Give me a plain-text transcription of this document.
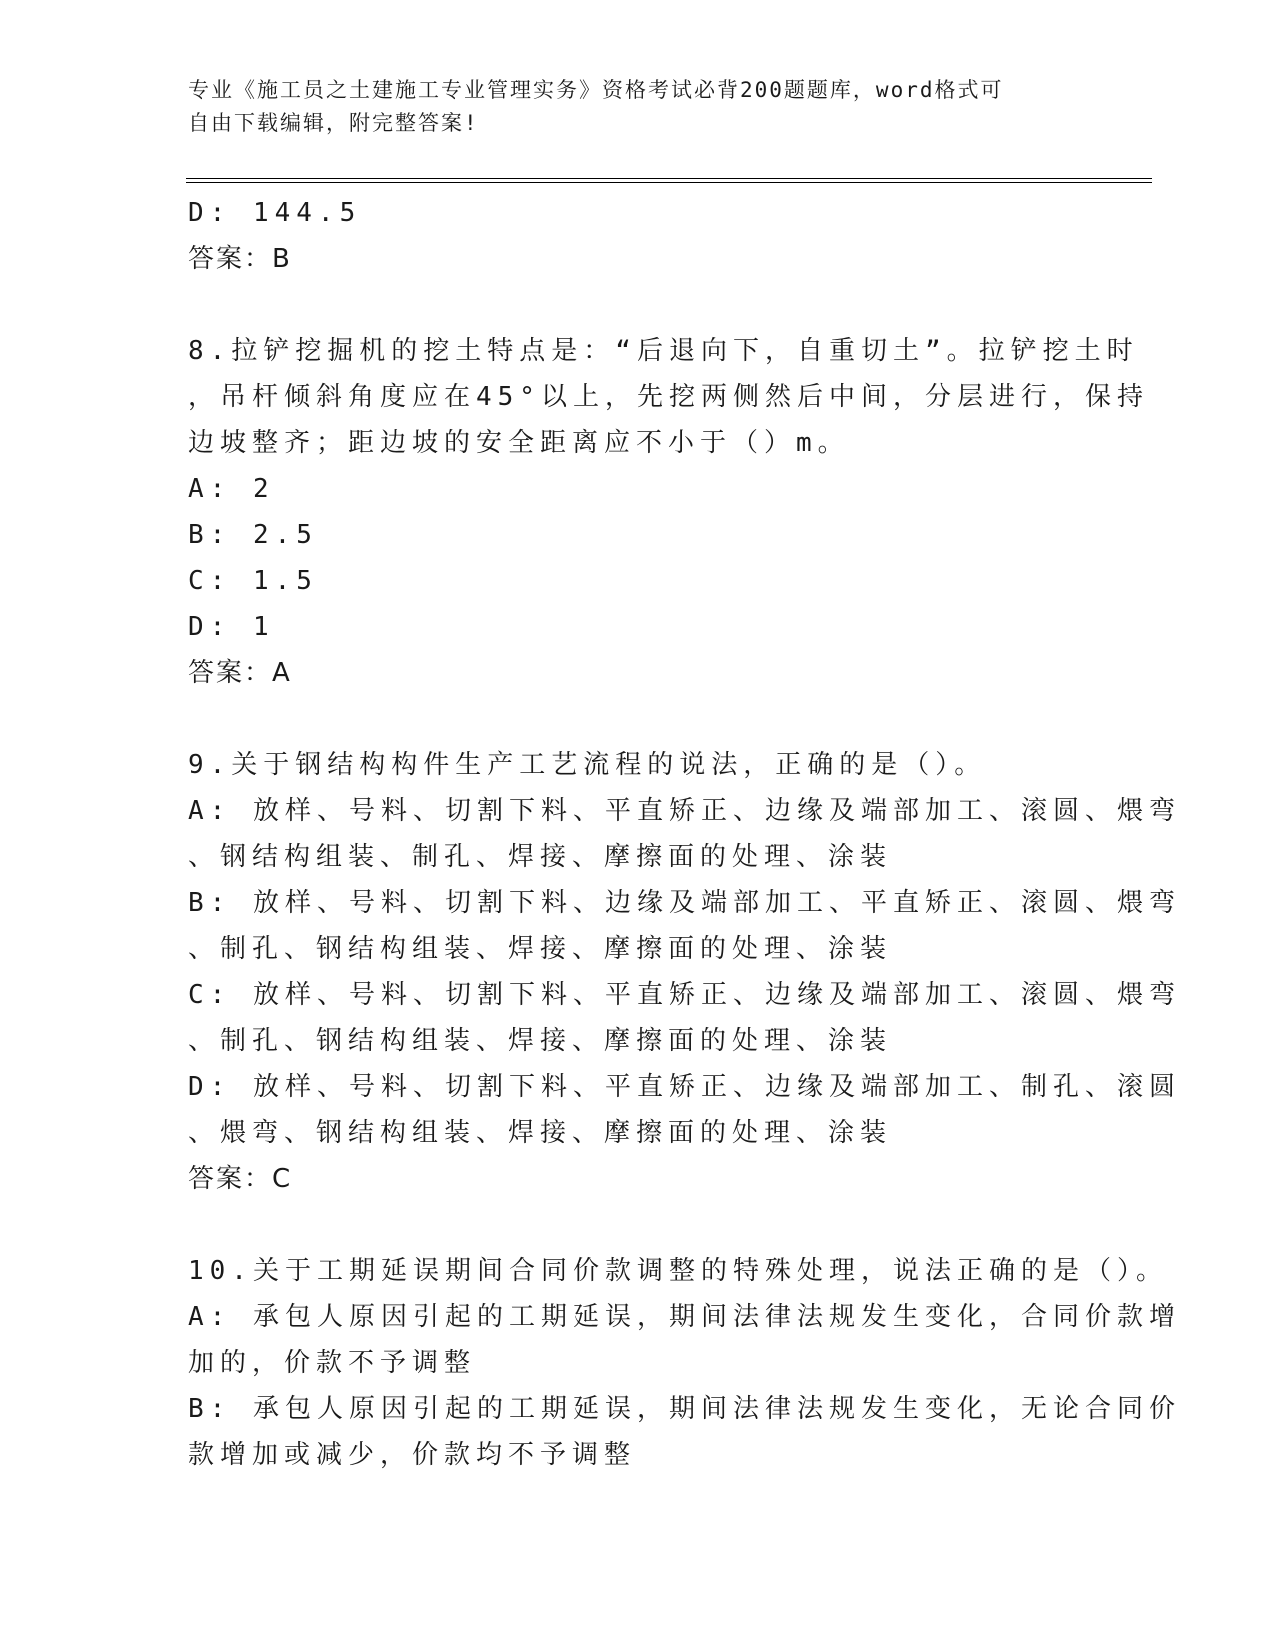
专业《施工员之土建施工专业管理实务》资格考试必背200题题库，word格式可
自由下载编辑，附完整答案!
D: 144.5
答案：B
8.拉铲挖掘机的挖土特点是：“后退向下，自重切土”。拉铲挖土时
，吊杆倾斜角度应在45°以上，先挖两侧然后中间，分层进行，保持
边坡整齐；距边坡的安全距离应不小于（）m。
A: 2
B: 2.5
C: 1.5
D: 1
答案：A
9.关于钢结构构件生产工艺流程的说法，正确的是（）。
A: 放样、号料、切割下料、平直矫正、边缘及端部加工、滚圆、煨弯
、钢结构组装、制孔、焊接、摩擦面的处理、涂装
B: 放样、号料、切割下料、边缘及端部加工、平直矫正、滚圆、煨弯
、制孔、钢结构组装、焊接、摩擦面的处理、涂装
C: 放样、号料、切割下料、平直矫正、边缘及端部加工、滚圆、煨弯
、制孔、钢结构组装、焊接、摩擦面的处理、涂装
D: 放样、号料、切割下料、平直矫正、边缘及端部加工、制孔、滚圆
、煨弯、钢结构组装、焊接、摩擦面的处理、涂装
答案：C
10.关于工期延误期间合同价款调整的特殊处理，说法正确的是（）。
A: 承包人原因引起的工期延误，期间法律法规发生变化，合同价款增
加的，价款不予调整
B: 承包人原因引起的工期延误，期间法律法规发生变化，无论合同价
款增加或减少，价款均不予调整
